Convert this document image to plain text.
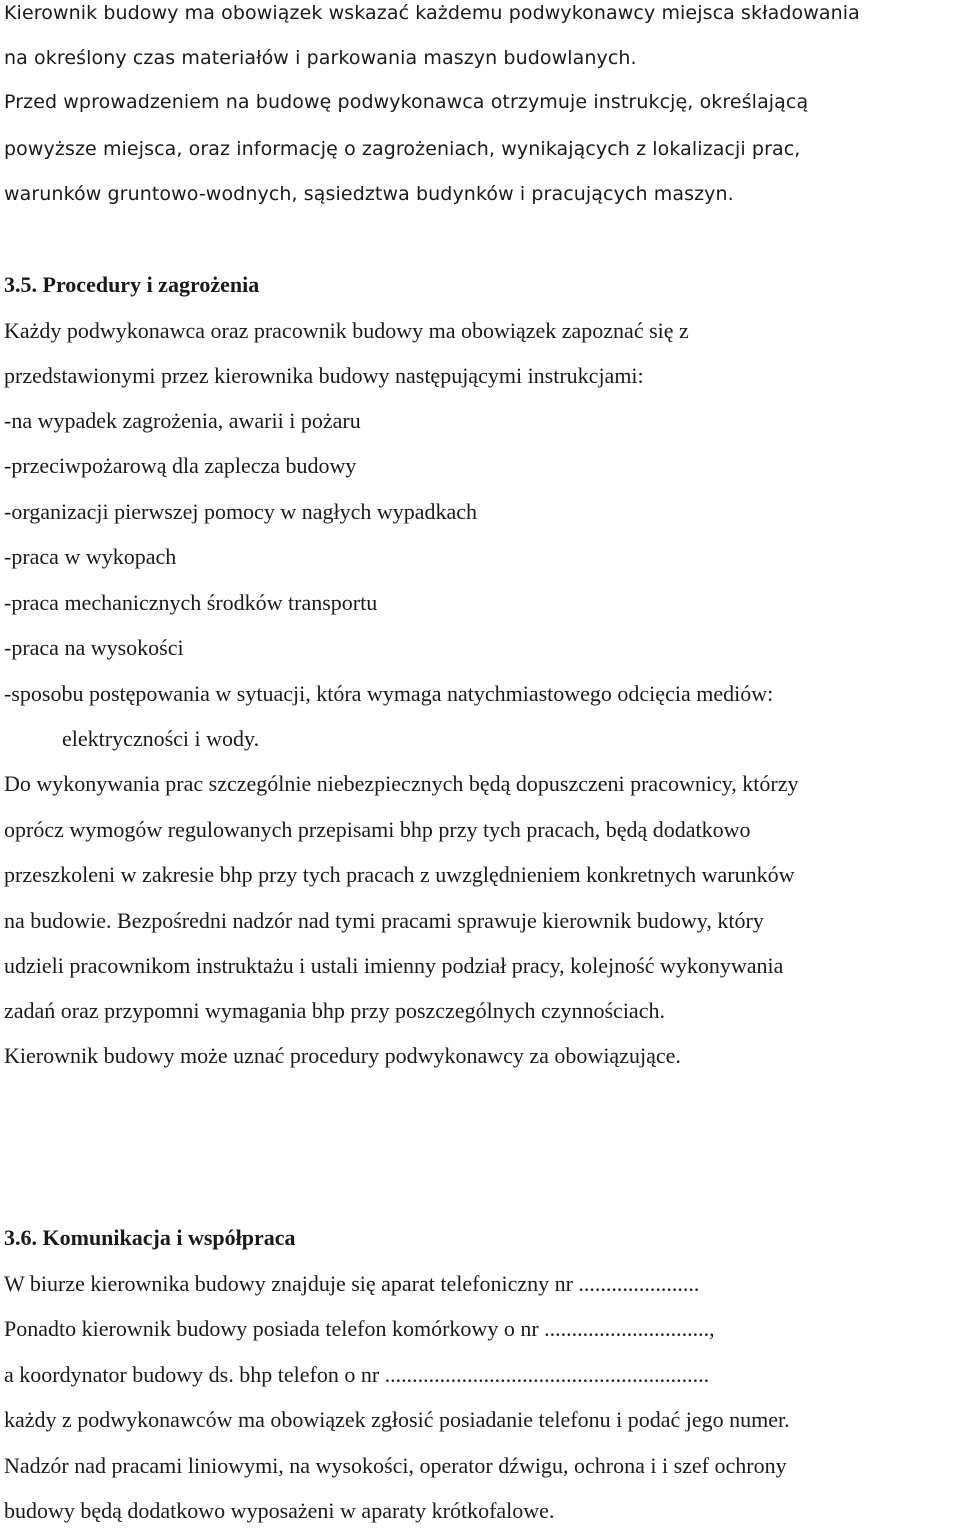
Kierownik budowy ma obowiązek wskazać każdemu podwykonawcy miejsca składowania
na określony czas materiałów i parkowania maszyn budowlanych.
Przed wprowadzeniem na budowę podwykonawca otrzymuje instrukcję, określającą
powyższe miejsca, oraz informację o zagrożeniach, wynikających z lokalizacji prac,
warunków gruntowo-wodnych, sąsiedztwa budynków i pracujących maszyn.
3.5. Procedury i zagrożenia
Każdy podwykonawca oraz pracownik budowy ma obowiązek zapoznać się z
przedstawionymi przez kierownika budowy następującymi instrukcjami:
-na wypadek zagrożenia, awarii i pożaru
-przeciwpożarową dla zaplecza budowy
-organizacji pierwszej pomocy w nagłych wypadkach
-praca w wykopach
-praca mechanicznych środków transportu
-praca na wysokości
-sposobu postępowania w sytuacji, która wymaga natychmiastowego odcięcia mediów:
elektryczności i wody.
Do wykonywania prac szczególnie niebezpiecznych będą dopuszczeni pracownicy, którzy
oprócz wymogów regulowanych przepisami bhp przy tych pracach, będą dodatkowo
przeszkoleni w zakresie bhp przy tych pracach z uwzględnieniem konkretnych warunków
na budowie. Bezpośredni nadzór nad tymi pracami sprawuje kierownik budowy, który
udzieli pracownikom instruktażu i ustali imienny podział pracy, kolejność wykonywania
zadań oraz przypomni wymagania bhp przy poszczególnych czynnościach.
Kierownik budowy może uznać procedury podwykonawcy za obowiązujące.
3.6. Komunikacja i współpraca
W biurze kierownika budowy znajduje się aparat telefoniczny nr ......................
Ponadto kierownik budowy posiada telefon komórkowy o nr ..............................,
a koordynator budowy ds. bhp telefon o nr ...........................................................
każdy z podwykonawców ma obowiązek zgłosić posiadanie telefonu i podać jego numer.
Nadzór nad pracami liniowymi, na wysokości, operator dźwigu, ochrona i i szef ochrony
budowy będą dodatkowo wyposażeni w aparaty krótkofalowe.
